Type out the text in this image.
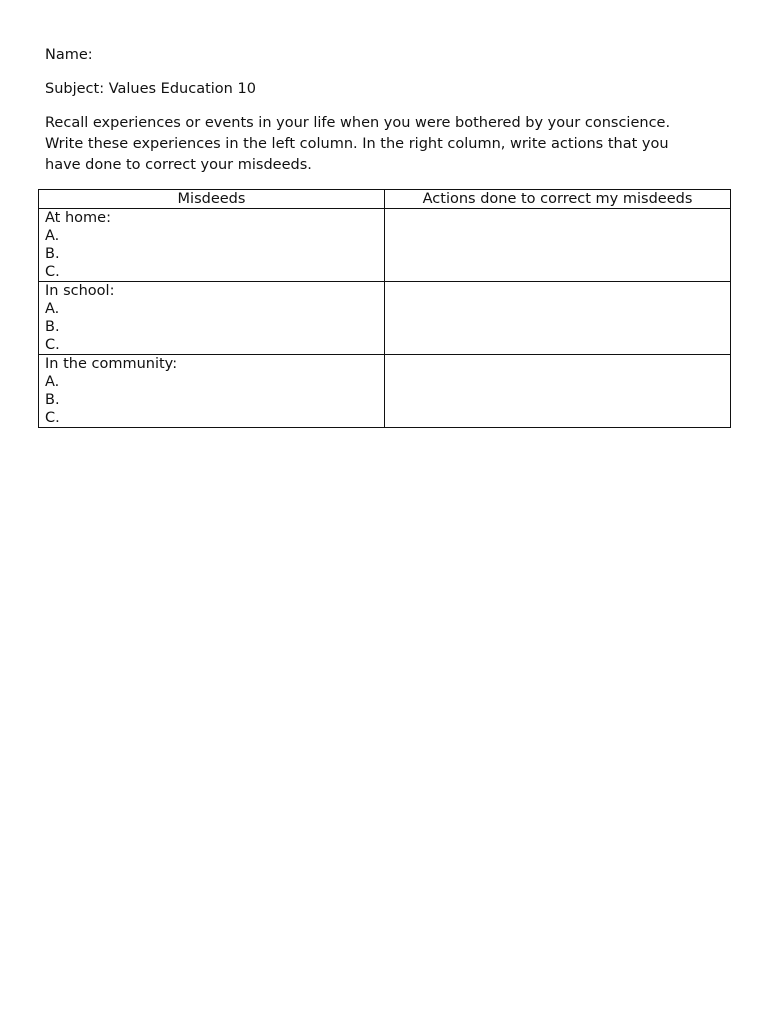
Name:
Subject: Values Education 10
Recall experiences or events in your life when you were bothered by your conscience.
Write these experiences in the left column. In the right column, write actions that you
have done to correct your misdeeds.
Misdeeds	Actions done to correct my misdeeds

At home:
A.
B.
C.	

In school:
A.
B.
C.	

In the community:
A.
B.
C.	
